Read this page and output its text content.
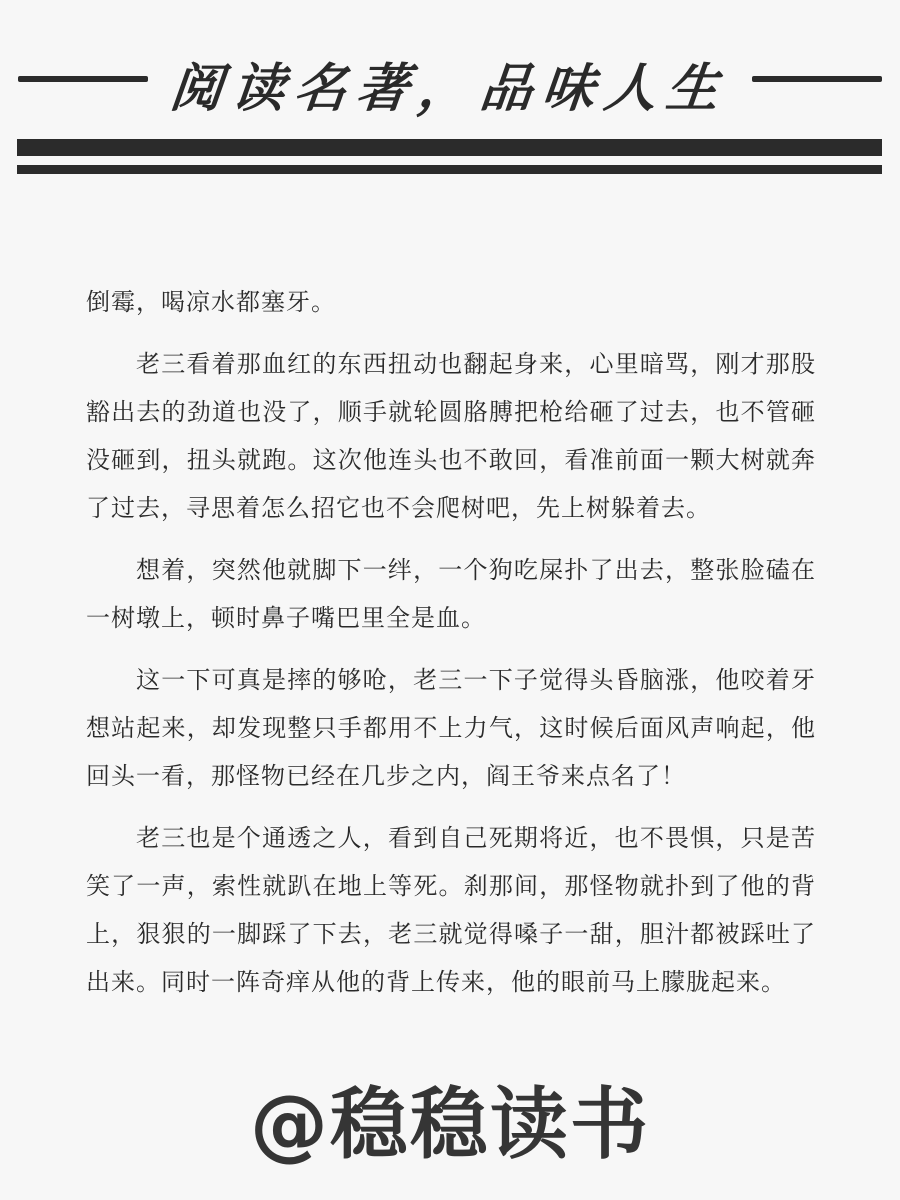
阅读名著，品味人生

倒霉，喝凉水都塞牙。

老三看着那血红的东西扭动也翻起身来，心里暗骂，刚才那股豁出去的劲道也没了，顺手就轮圆胳膊把枪给砸了过去，也不管砸没砸到，扭头就跑。这次他连头也不敢回，看准前面一颗大树就奔了过去，寻思着怎么招它也不会爬树吧，先上树躲着去。

想着，突然他就脚下一绊，一个狗吃屎扑了出去，整张脸磕在一树墩上，顿时鼻子嘴巴里全是血。

这一下可真是摔的够呛，老三一下子觉得头昏脑涨，他咬着牙想站起来，却发现整只手都用不上力气，这时候后面风声响起，他回头一看，那怪物已经在几步之内，阎王爷来点名了！

老三也是个通透之人，看到自己死期将近，也不畏惧，只是苦笑了一声，索性就趴在地上等死。刹那间，那怪物就扑到了他的背上，狠狠的一脚踩了下去，老三就觉得嗓子一甜，胆汁都被踩吐了出来。同时一阵奇痒从他的背上传来，他的眼前马上朦胧起来。

@稳稳读书
